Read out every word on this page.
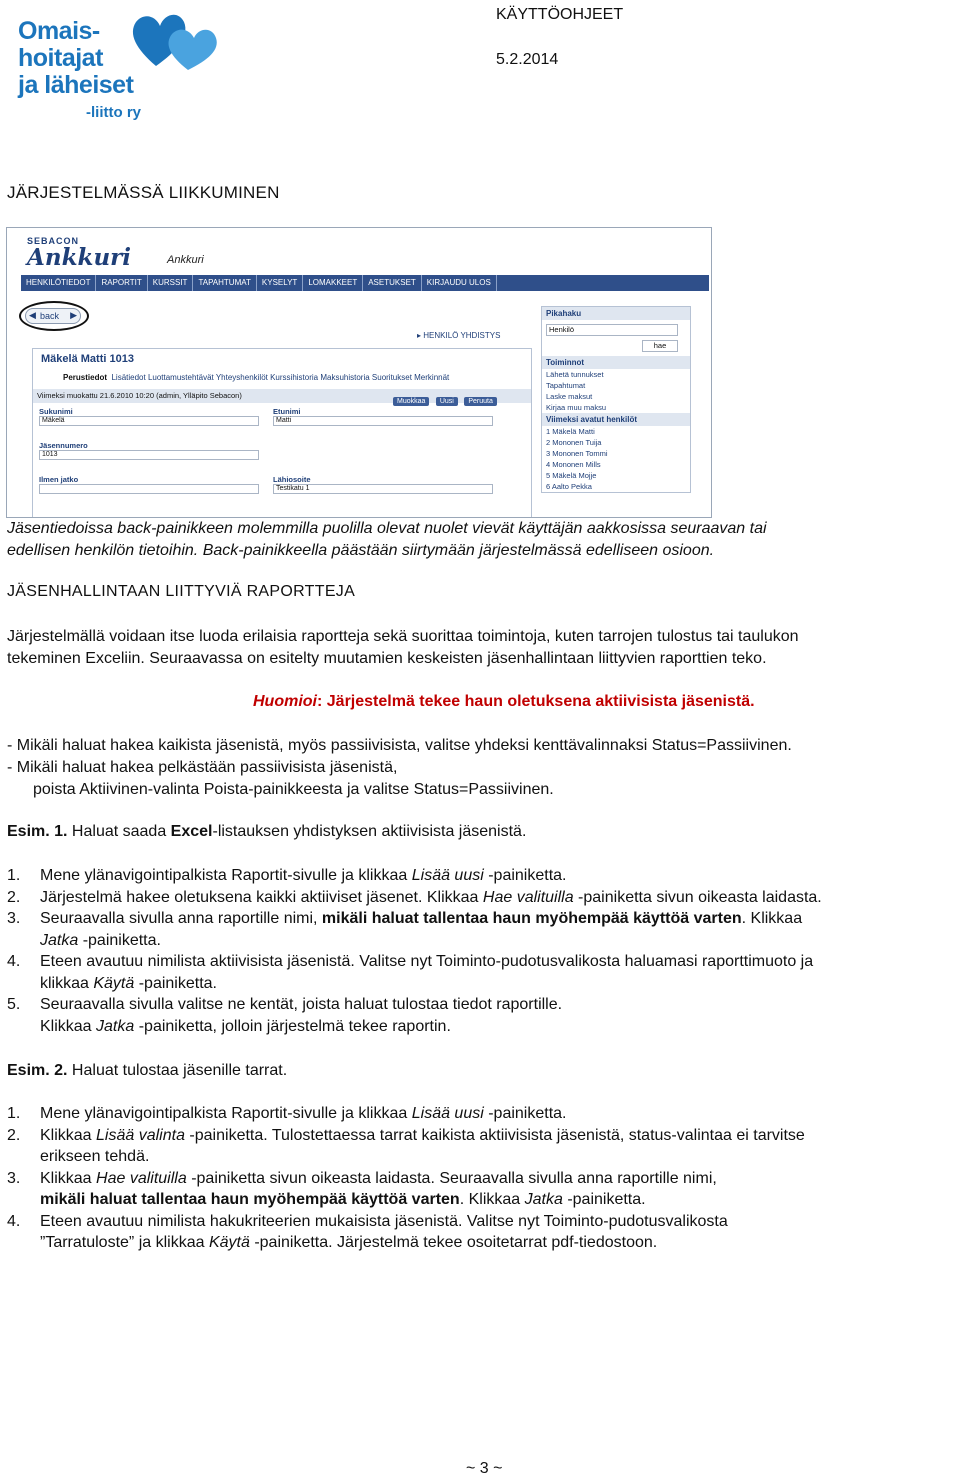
Omais-
hoitajat
ja läheiset
-liitto ry
KÄYTTÖOHJEET
5.2.2014
JÄRJESTELMÄSSÄ LIIKKUMINEN
SEBACON
Ankkuri	Ankkuri
HENKILÖTIEDOT	RAPORTIT	KURSSIT	TAPAHTUMAT	KYSELYT	LOMAKKEET	ASETUKSET	KIRJAUDU ULOS
◀ back ▶
▸ HENKILÖ YHDISTYS
Mäkelä Matti 1013
Perustiedot Lisätiedot Luottamustehtävät Yhteyshenkilöt Kurssihistoria Maksuhistoria Suoritukset Merkinnät
Viimeksi muokattu 21.6.2010 10:20 (admin, Ylläpito Sebacon)
Muokkaa Uusi Peruuta
Sukunimi
Mäkelä
Etunimi
Matti
Jäsennumero
1013
Ilmen jatko	Lähiosoite
Testikatu 1
Pikahaku
Henkilö
hae
Toiminnot
Lähetä tunnukset
Tapahtumat
Laske maksut
Kirjaa muu maksu
Viimeksi avatut henkilöt
1 Mäkelä Matti
2 Mononen Tuija
3 Mononen Tommi
4 Mononen Mills
5 Mäkelä Mojje
6 Aalto Pekka
Jäsentiedoissa back-painikkeen molemmilla puolilla olevat nuolet vievät käyttäjän aakkosissa seuraavan tai
edellisen henkilön tietoihin. Back-painikkeella päästään siirtymään järjestelmässä edelliseen osioon.
JÄSENHALLINTAAN LIITTYVIÄ RAPORTTEJA
Järjestelmällä voidaan itse luoda erilaisia raportteja sekä suorittaa toimintoja, kuten tarrojen tulostus tai taulukon
tekeminen Exceliin. Seuraavassa on esitelty muutamien keskeisten jäsenhallintaan liittyvien raporttien teko.
Huomioi: Järjestelmä tekee haun oletuksena aktiivisista jäsenistä.
- Mikäli haluat hakea kaikista jäsenistä, myös passiivisista, valitse yhdeksi kenttävalinnaksi Status=Passiivinen.
- Mikäli haluat hakea pelkästään passiivisista jäsenistä,
poista Aktiivinen-valinta Poista-painikkeesta ja valitse Status=Passiivinen.
Esim. 1. Haluat saada Excel-listauksen yhdistyksen aktiivisista jäsenistä.
1. Mene ylänavigointipalkista Raportit-sivulle ja klikkaa Lisää uusi -painiketta.
2. Järjestelmä hakee oletuksena kaikki aktiiviset jäsenet. Klikkaa Hae valituilla -painiketta sivun oikeasta laidasta.
3. Seuraavalla sivulla anna raportille nimi, mikäli haluat tallentaa haun myöhempää käyttöä varten. Klikkaa
Jatka -painiketta.
4. Eteen avautuu nimilista aktiivisista jäsenistä. Valitse nyt Toiminto-pudotusvalikosta haluamasi raporttimuoto ja
klikkaa Käytä -painiketta.
5. Seuraavalla sivulla valitse ne kentät, joista haluat tulostaa tiedot raportille.
Klikkaa Jatka -painiketta, jolloin järjestelmä tekee raportin.
Esim. 2. Haluat tulostaa jäsenille tarrat.
1. Mene ylänavigointipalkista Raportit-sivulle ja klikkaa Lisää uusi -painiketta.
2. Klikkaa Lisää valinta -painiketta. Tulostettaessa tarrat kaikista aktiivisista jäsenistä, status-valintaa ei tarvitse
erikseen tehdä.
3. Klikkaa Hae valituilla -painiketta sivun oikeasta laidasta. Seuraavalla sivulla anna raportille nimi,
mikäli haluat tallentaa haun myöhempää käyttöä varten. Klikkaa Jatka -painiketta.
4. Eteen avautuu nimilista hakukriteerien mukaisista jäsenistä. Valitse nyt Toiminto-pudotusvalikosta
”Tarratuloste” ja klikkaa Käytä -painiketta. Järjestelmä tekee osoitetarrat pdf-tiedostoon.
~ 3 ~
